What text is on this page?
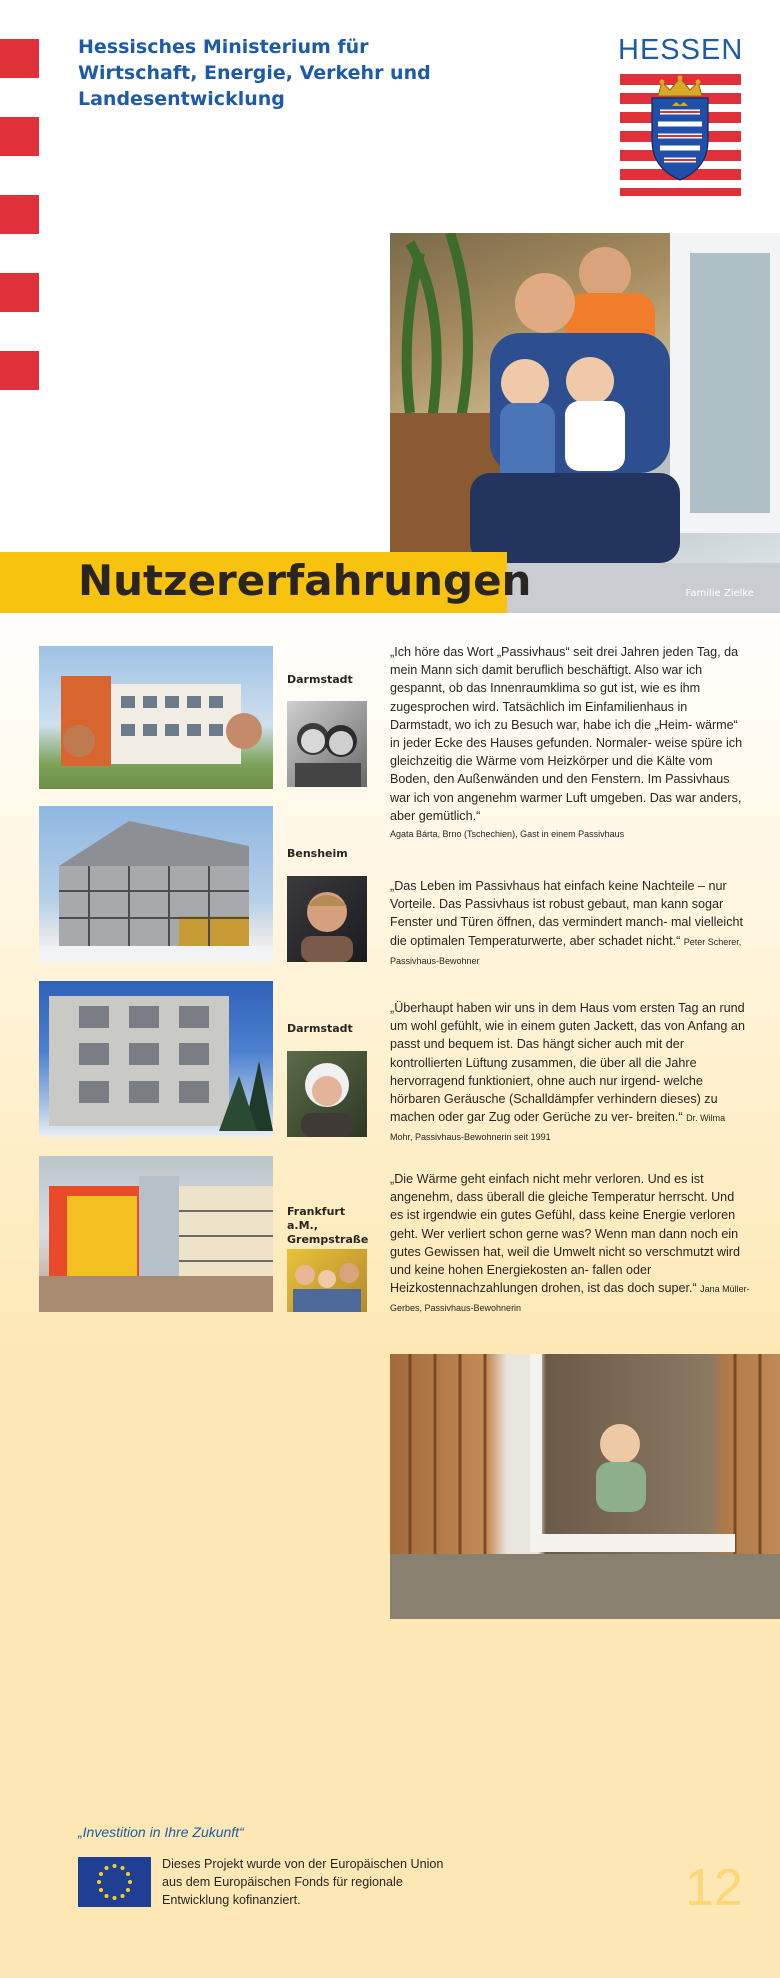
Hessisches Ministerium für Wirtschaft, Energie, Verkehr und Landesentwicklung
HESSEN
Nutzererfahrungen	Familie Zielke
Darmstadt
„Ich höre das Wort „Passivhaus“ seit drei Jahren jeden Tag, da mein Mann sich damit beruflich beschäftigt. Also war ich gespannt, ob das Innenraumklima so gut ist, wie es ihm zugesprochen wird. Tatsächlich im Einfamilienhaus in Darmstadt, wo ich zu Besuch war, habe ich die „Heim- wärme“ in jeder Ecke des Hauses gefunden. Normaler- weise spüre ich gleichzeitig die Wärme vom Heizkörper und die Kälte vom Boden, den Außenwänden und den Fenstern. Im Passivhaus war ich von angenehm warmer Luft umgeben. Das war anders, aber gemütlich.“
Agata Bárta, Brno (Tschechien), Gast in einem Passivhaus
Bensheim
„Das Leben im Passivhaus hat einfach keine Nachteile – nur Vorteile. Das Passivhaus ist robust gebaut, man kann sogar Fenster und Türen öffnen, das vermindert manch- mal vielleicht die optimalen Temperaturwerte, aber schadet nicht.“ Peter Scherer, Passivhaus-Bewohner
Darmstadt
„Überhaupt haben wir uns in dem Haus vom ersten Tag an rund um wohl gefühlt, wie in einem guten Jackett, das von Anfang an passt und bequem ist. Das hängt sicher auch mit der kontrollierten Lüftung zusammen, die über all die Jahre hervorragend funktioniert, ohne auch nur irgend- welche hörbaren Geräusche (Schalldämpfer verhindern dieses) zu machen oder gar Zug oder Gerüche zu ver- breiten.“ Dr. Wilma Mohr, Passivhaus-Bewohnerin seit 1991
Frankfurt a.M., Grempstraße
„Die Wärme geht einfach nicht mehr verloren. Und es ist angenehm, dass überall die gleiche Temperatur herrscht. Und es ist irgendwie ein gutes Gefühl, dass keine Energie verloren geht. Wer verliert schon gerne was? Wenn man dann noch ein gutes Gewissen hat, weil die Umwelt nicht so verschmutzt wird und keine hohen Energiekosten an- fallen oder Heizkostennachzahlungen drohen, ist das doch super.“ Jana Müller-Gerbes, Passivhaus-Bewohnerin
„Investition in Ihre Zukunft“
Dieses Projekt wurde von der Europäischen Union aus dem Europäischen Fonds für regionale Entwicklung kofinanziert.	12
